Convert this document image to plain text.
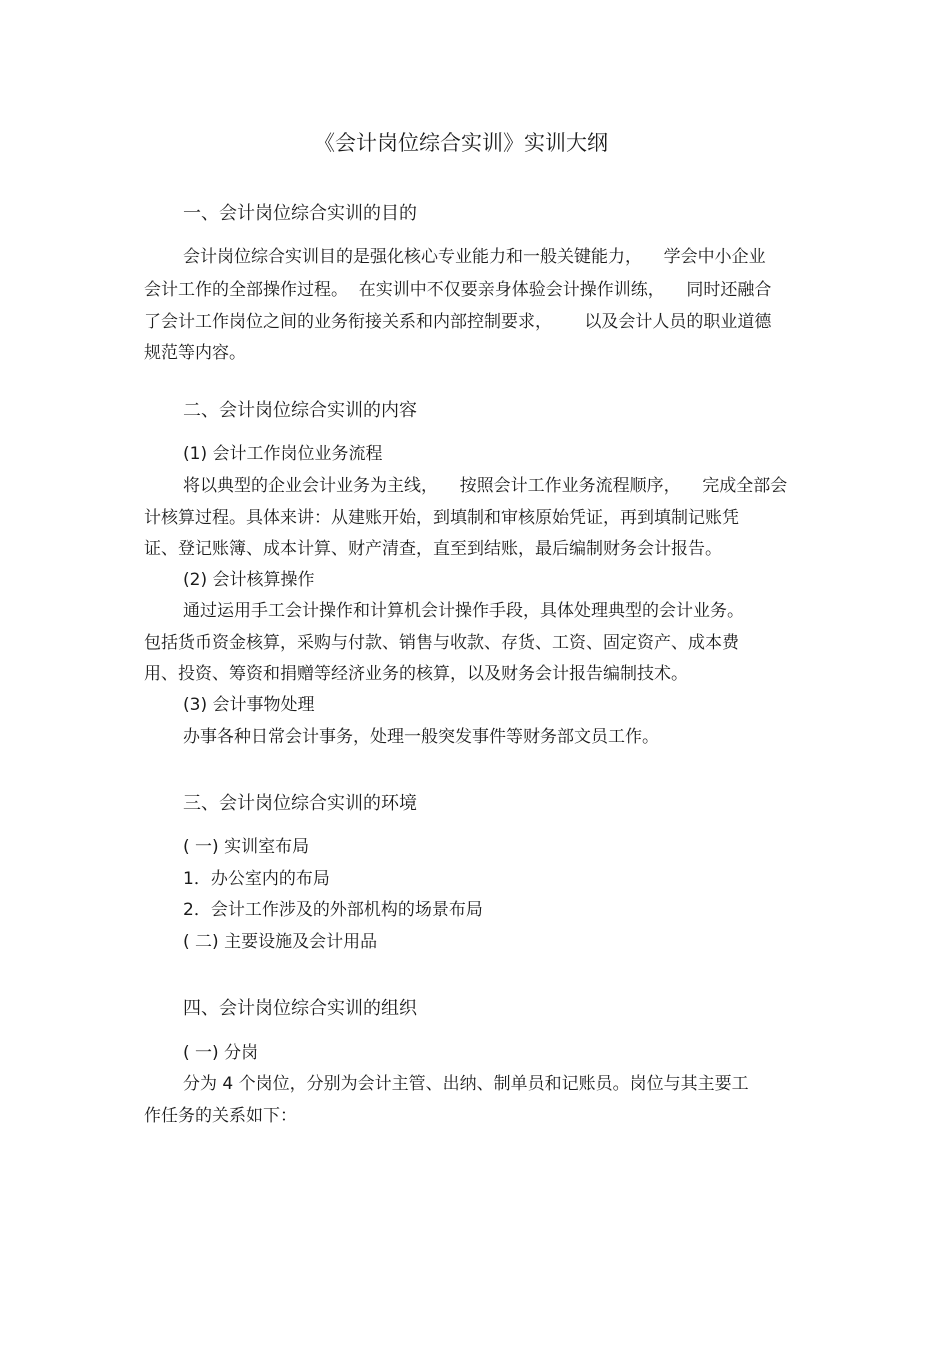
《会计岗位综合实训》实训大纲
一、会计岗位综合实训的目的
会计岗位综合实训目的是强化核心专业能力和一般关键能力，    学会中小企业
会计工作的全部操作过程。  在实训中不仅要亲身体验会计操作训练，    同时还融合
了会计工作岗位之间的业务衔接关系和内部控制要求，      以及会计人员的职业道德
规范等内容。
二、会计岗位综合实训的内容
(1) 会计工作岗位业务流程
将以典型的企业会计业务为主线，    按照会计工作业务流程顺序，    完成全部会
计核算过程。具体来讲：从建账开始，到填制和审核原始凭证，再到填制记账凭
证、登记账簿、成本计算、财产清查，直至到结账，最后编制财务会计报告。
(2) 会计核算操作
通过运用手工会计操作和计算机会计操作手段，具体处理典型的会计业务。
包括货币资金核算，采购与付款、销售与收款、存货、工资、固定资产、成本费
用、投资、筹资和捐赠等经济业务的核算，以及财务会计报告编制技术。
(3) 会计事物处理
办事各种日常会计事务，处理一般突发事件等财务部文员工作。
三、会计岗位综合实训的环境
( 一) 实训室布局
1．办公室内的布局
2．会计工作涉及的外部机构的场景布局
( 二) 主要设施及会计用品
四、会计岗位综合实训的组织
( 一) 分岗
分为 4 个岗位，分别为会计主管、出纳、制单员和记账员。岗位与其主要工
作任务的关系如下：
